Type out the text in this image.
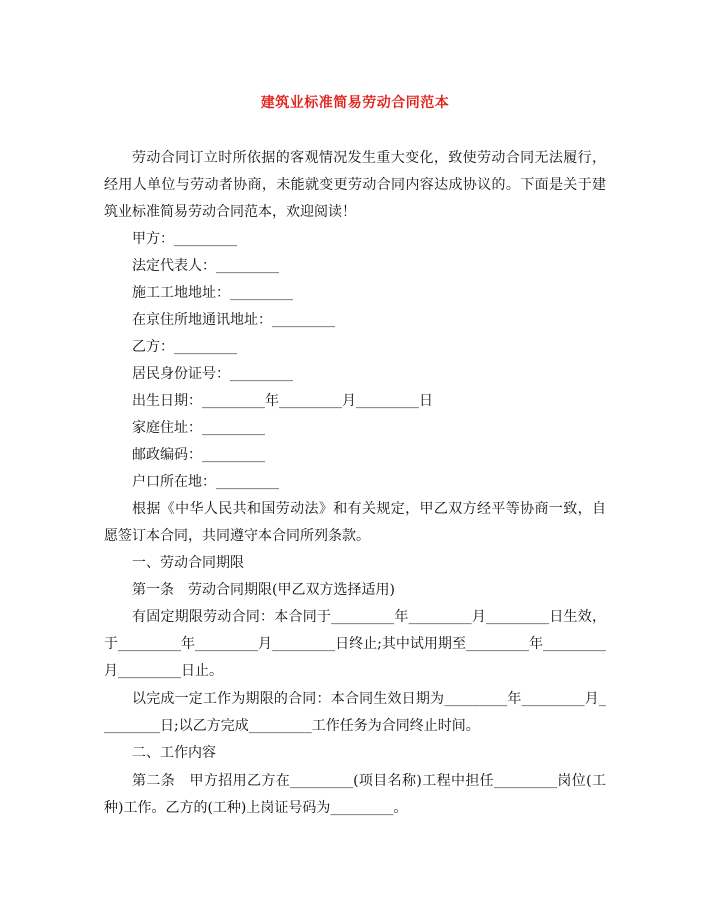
建筑业标准简易劳动合同范本

劳动合同订立时所依据的客观情况发生重大变化，致使劳动合同无法履行，经用人单位与劳动者协商，未能就变更劳动合同内容达成协议的。下面是关于建筑业标准简易劳动合同范本，欢迎阅读！

甲方：_________

法定代表人：_________

施工工地地址：_________

在京住所地通讯地址：_________

乙方：_________

居民身份证号：_________

出生日期：_________年_________月_________日

家庭住址：_________

邮政编码：_________

户口所在地：_________

根据《中华人民共和国劳动法》和有关规定，甲乙双方经平等协商一致，自愿签订本合同，共同遵守本合同所列条款。

一、劳动合同期限

第一条　劳动合同期限(甲乙双方选择适用)

有固定期限劳动合同：本合同于_________年_________月_________日生效，于_________年_________月_________日终止;其中试用期至_________年_________月_________日止。

以完成一定工作为期限的合同：本合同生效日期为_________年_________月_________日;以乙方完成_________工作任务为合同终止时间。

二、工作内容

第二条　甲方招用乙方在_________(项目名称)工程中担任_________岗位(工种)工作。乙方的(工种)上岗证号码为_________。
